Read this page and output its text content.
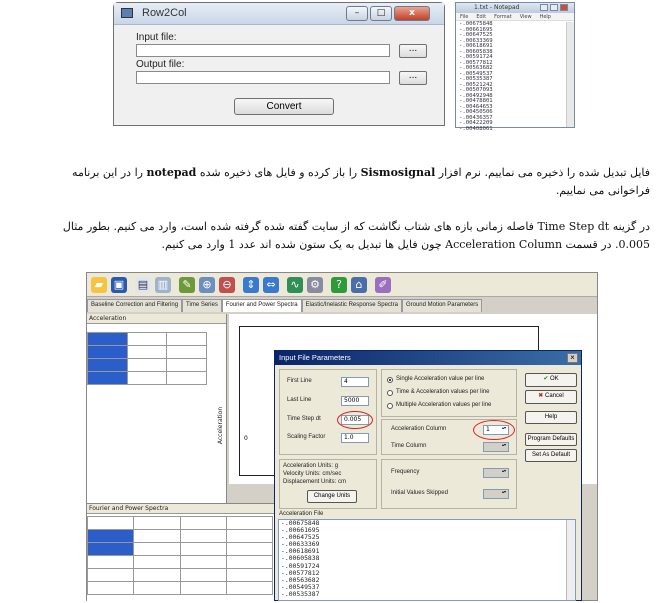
Row2Col	–	□	x
Input file:
...
Output file:
...
Convert
1.txt - Notepad
File Edit Format View Help
-.00675848
-.00661695
-.00647525
-.00633369
-.00618691
-.00605838
-.00591724
-.00577812
-.00563682
-.00549537
-.00535387
-.00521242
-.00507093
-.00492948
-.00478801
-.00464653
-.00450506
-.00436357
-.00422209
-.00408061
فایل تبدیل شده را ذخیره می نماییم. نرم افزار Sismosignal را باز کرده و فایل های ذخیره شده notepad را در این برنامه فراخوانی می نماییم.
در گزینه Time Step dt فاصله زمانی بازه های شتاب نگاشت که از سایت گفته شده گرفته شده است، وارد می کنیم. بطور مثال 0.005. در قسمت Acceleration Column چون فایل ها تبدیل به یک ستون شده اند عدد 1 وارد می کنیم.
▰ ▣ ▤ ▥	✎ ⊕ ⊖	⇕ ⇔	∿ ⚙	?	⌂	✐
Baseline Correction and Filtering	Time Series	Fourier and Power Spectra	Elastic/Inelastic Response Spectra	Ground Motion Parameters
Acceleration

Acceleration	0
Fourier and Power Spectra

Input File Parameters	×
First Line	4
Last Line	5000
Time Step dt	0.005
Scaling Factor	1.0
Single Acceleration value per line
Time & Acceleration values per line
Multiple Acceleration values per line
Acceleration Column	1 ▴▾
Time Column
▴▾
Acceleration Units: g
Velocity Units: cm/sec
Displacement Units: cm
Change Units
Frequency
▴▾
Initial Values Skipped
▴▾
✔ OK
✖ Cancel
Help
Program Defaults
Set As Default
Acceleration File
-.00675848
-.00661695
-.00647525
-.00633369
-.00618691
-.00605838
-.00591724
-.00577812
-.00563682
-.00549537
-.00535387
